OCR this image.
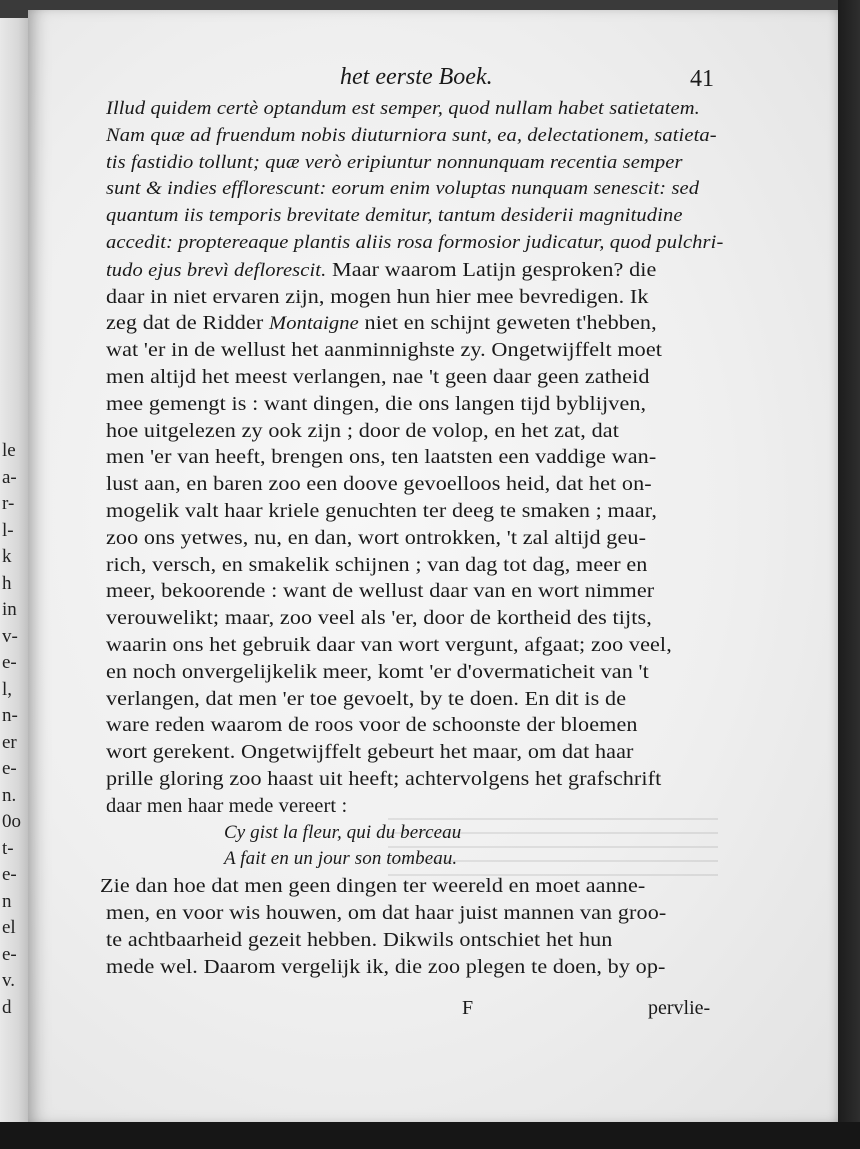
le
a-
r-
l-
k
h
in
v-
e-
l,
n-
er
e-
n.
0o
t-
e-
n
el
e-
v.
d
het eerste Boek.	41
Illud quidem certè optandum est semper, quod nullam habet satietatem.
Nam quæ ad fruendum nobis diuturniora sunt, ea, delectationem, satieta-
tis fastidio tollunt; quæ verò eripiuntur nonnunquam recentia semper
sunt & indies efflorescunt: eorum enim voluptas nunquam senescit: sed
quantum iis temporis brevitate demitur, tantum desiderii magnitudine
accedit: proptereaque plantis aliis rosa formosior judicatur, quod pulchri-
tudo ejus brevì deflorescit. Maar waarom Latijn gesproken? die
daar in niet ervaren zijn, mogen hun hier mee bevredigen. Ik
zeg dat de Ridder Montaigne niet en schijnt geweten t'hebben,
wat 'er in de wellust het aanminnighste zy. Ongetwijffelt moet
men altijd het meest verlangen, nae 't geen daar geen zatheid
mee gemengt is : want dingen, die ons langen tijd byblijven,
hoe uitgelezen zy ook zijn ; door de volop, en het zat, dat
men 'er van heeft, brengen ons, ten laatsten een vaddige wan-
lust aan, en baren zoo een doove gevoelloos heid, dat het on-
mogelik valt haar kriele genuchten ter deeg te smaken ; maar,
zoo ons yetwes, nu, en dan, wort ontrokken, 't zal altijd geu-
rich, versch, en smakelik schijnen ; van dag tot dag, meer en
meer, bekoorende : want de wellust daar van en wort nimmer
verouwelikt; maar, zoo veel als 'er, door de kortheid des tijts,
waarin ons het gebruik daar van wort vergunt, afgaat; zoo veel,
en noch onvergelijkelik meer, komt 'er d'overmaticheit van 't
verlangen, dat men 'er toe gevoelt, by te doen. En dit is de
ware reden waarom de roos voor de schoonste der bloemen
wort gerekent. Ongetwijffelt gebeurt het maar, om dat haar
prille gloring zoo haast uit heeft; achtervolgens het grafschrift
daar men haar mede vereert :
Cy gist la fleur, qui du berceau
A fait en un jour son tombeau.
Zie dan hoe dat men geen dingen ter weereld en moet aanne-
men, en voor wis houwen, om dat haar juist mannen van groo-
te achtbaarheid gezeit hebben. Dikwils ontschiet het hun
mede wel. Daarom vergelijk ik, die zoo plegen te doen, by op-
F	pervlie-
